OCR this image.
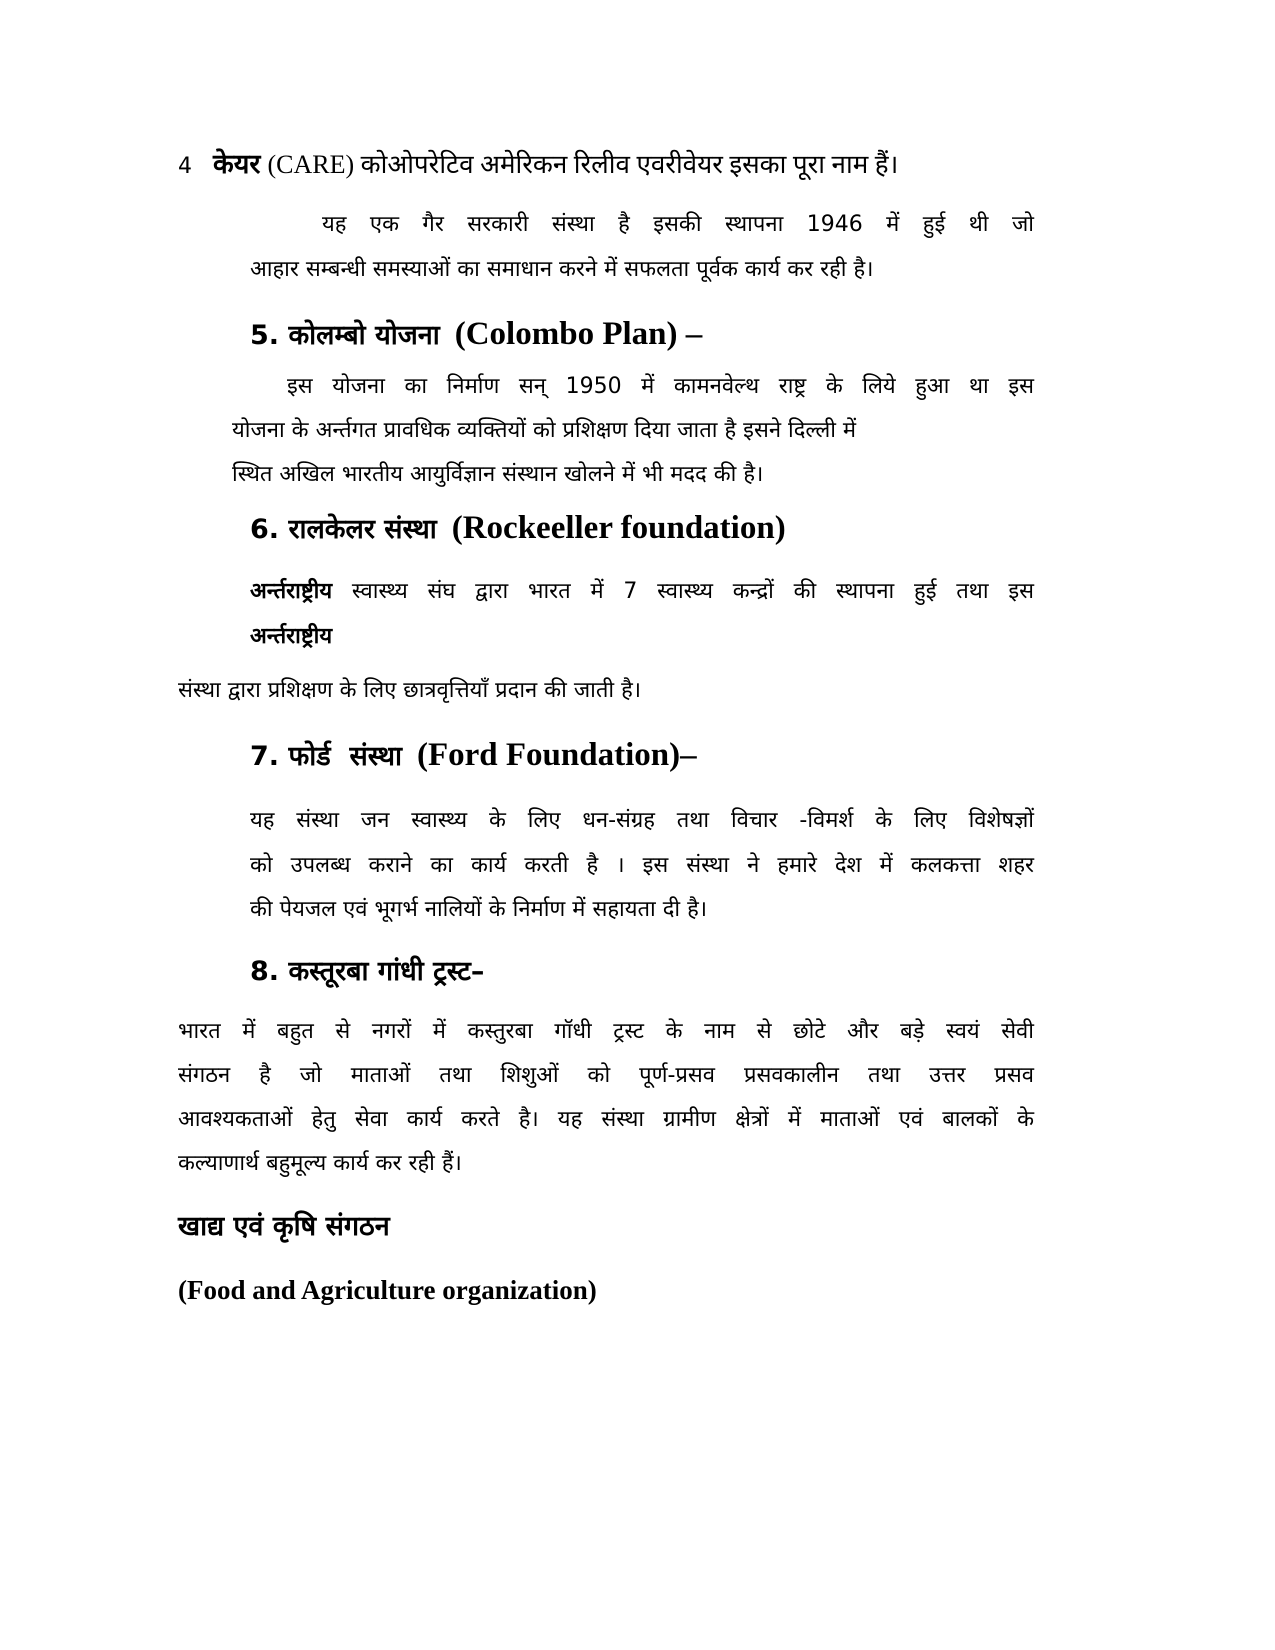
4 केयर (CARE) कोओपरेटिव अमेरिकन रिलीव एवरीवेयर इसका पूरा नाम हैं।
यह एक गैर सरकारी संस्था है इसकी स्थापना 1946 में हुई थी जो
आहार सम्बन्धी समस्याओं का समाधान करने में सफलता पूर्वक कार्य कर रही है।
5. कोलम्बो योजना (Colombo Plan) –
इस योजना का निर्माण सन् 1950 में कामनवेल्थ राष्ट्र के लिये हुआ था इस
योजना के अर्न्तगत प्रावधिक व्यक्तियों को प्रशिक्षण दिया जाता है इसने दिल्ली में
स्थित अखिल भारतीय आयुर्विज्ञान संस्थान खोलने में भी मदद की है।
6. रालकेलर संस्था (Rockeeller foundation)
अर्न्तराष्ट्रीय स्वास्थ्य संघ द्वारा भारत में 7 स्वास्थ्य कन्द्रों की स्थापना हुई तथा इस
अर्न्तराष्ट्रीय
संस्था द्वारा प्रशिक्षण के लिए छात्रवृत्तियाँ प्रदान की जाती है।
7. फोर्ड  संस्था (Ford Foundation)–
यह संस्था जन स्वास्थ्य के लिए धन-संग्रह तथा विचार -विमर्श के लिए विशेषज्ञों
को उपलब्ध कराने का कार्य करती है । इस संस्था ने हमारे देश में कलकत्ता शहर
की पेयजल एवं भूगर्भ नालियों के निर्माण में सहायता दी है।
8. कस्तूरबा गांधी ट्रस्ट–
भारत में बहुत से नगरों में कस्तुरबा गॉधी ट्रस्ट के नाम से छोटे और बड़े स्वयं सेवी
संगठन है जो माताओं तथा शिशुओं को पूर्ण-प्रसव प्रसवकालीन तथा उत्तर प्रसव
आवश्यकताओं हेतु सेवा कार्य करते है। यह संस्था ग्रामीण क्षेत्रों में माताओं एवं बालकों के
कल्याणार्थ बहुमूल्य कार्य कर रही हैं।
खाद्य एवं कृषि संगठन
(Food and Agriculture organization)
